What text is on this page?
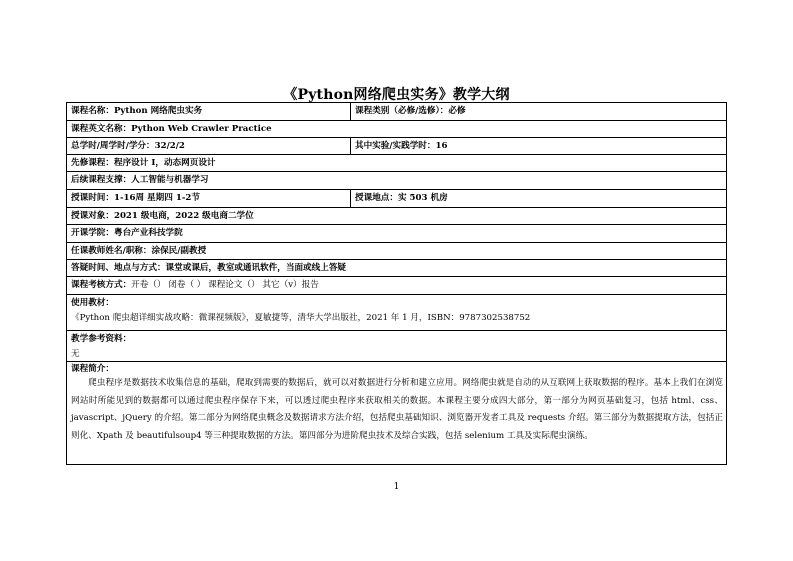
《Python网络爬虫实务》教学大纲
课程名称：Python 网络爬虫实务	课程类别（必修/选修）：必修
课程英文名称：Python Web Crawler Practice
总学时/周学时/学分：32/2/2	其中实验/实践学时：16
先修课程：程序设计 I，动态网页设计
后续课程支撑：人工智能与机器学习
授课时间：1-16周 星期四 1-2节	授课地点：实 503 机房
授课对象：2021 级电商，2022 级电商二学位
开课学院：粤台产业科技学院
任课教师姓名/职称：涂保民/副教授
答疑时间、地点与方式：课堂或课后，教室或通讯软件，当面或线上答疑
课程考核方式： 开卷（） 闭卷（ ） 课程论文（） 其它（v）报告
使用教材：
《Python 爬虫超详细实战攻略：微课视频版》，夏敏捷等，清华大学出版社，2021 年 1 月，ISBN：9787302538752
教学参考资料：
无
课程简介：

爬虫程序是数据技术收集信息的基础，爬取到需要的数据后，就可以对数据进行分析和建立应用。网络爬虫就是自动的从互联网上获取数据的程序。基本上我们在浏览网站时所能见到的数据都可以通过爬虫程序保存下来，可以透过爬虫程序来获取相关的数据。本课程主要分成四大部分，第一部分为网页基础复习，包括 html、css、javascript、jQuery 的介绍。第二部分为网络爬虫概念及数据请求方法介绍，包括爬虫基础知识、浏览器开发者工具及 requests 介绍。第三部分为数据提取方法，包括正则化、Xpath 及 beautifulsoup4 等三种提取数据的方法。第四部分为进阶爬虫技术及综合实践，包括 selenium 工具及实际爬虫演练。

1
